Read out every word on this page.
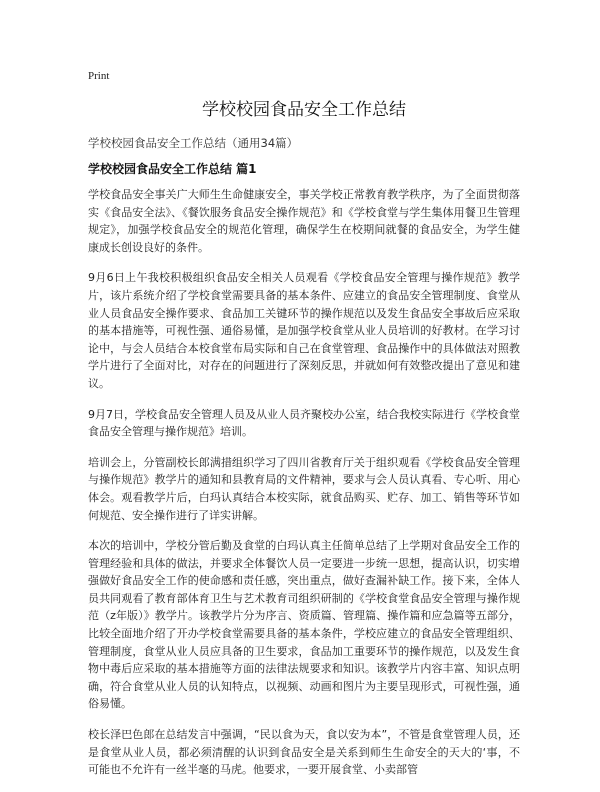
Print
学校校园食品安全工作总结
学校校园食品安全工作总结（通用34篇）
学校校园食品安全工作总结 篇1

学校食品安全事关广大师生生命健康安全，事关学校正常教育教学秩序，为了全面贯彻落实《食品安全法》、《餐饮服务食品安全操作规范》和《学校食堂与学生集体用餐卫生管理规定》，加强学校食品安全的规范化管理，确保学生在校期间就餐的食品安全，为学生健康成长创设良好的条件。

9月6日上午我校积极组织食品安全相关人员观看《学校食品安全管理与操作规范》教学片，该片系统介绍了学校食堂需要具备的基本条件、应建立的食品安全管理制度、食堂从业人员食品安全操作要求、食品加工关键环节的操作规范以及发生食品安全事故后应采取的基本措施等，可视性强、通俗易懂，是加强学校食堂从业人员培训的好教材。在学习讨论中，与会人员结合本校食堂布局实际和自己在食堂管理、食品操作中的具体做法对照教学片进行了全面对比，对存在的问题进行了深刻反思，并就如何有效整改提出了意见和建议。

9月7日，学校食品安全管理人员及从业人员齐聚校办公室，结合我校实际进行《学校食堂食品安全管理与操作规范》培训。

培训会上，分管副校长郎满措组织学习了四川省教育厅关于组织观看《学校食品安全管理与操作规范》教学片的通知和县教育局的文件精神，要求与会人员认真看、专心听、用心体会。观看教学片后，白玛认真结合本校实际，就食品购买、贮存、加工、销售等环节如何规范、安全操作进行了详实讲解。

本次的培训中，学校分管后勤及食堂的白玛认真主任简单总结了上学期对食品安全工作的管理经验和具体的做法，并要求全体餐饮人员一定要进一步统一思想，提高认识，切实增强做好食品安全工作的使命感和责任感，突出重点，做好查漏补缺工作。接下来，全体人员共同观看了教育部体育卫生与艺术教育司组织研制的《学校食堂食品安全管理与操作规范（z年版）》教学片。该教学片分为序言、资质篇、管理篇、操作篇和应急篇等五部分，比较全面地介绍了开办学校食堂需要具备的基本条件，学校应建立的食品安全管理组织、管理制度，食堂从业人员应具备的卫生要求，食品加工重要环节的操作规范，以及发生食物中毒后应采取的基本措施等方面的法律法规要求和知识。该教学片内容丰富、知识点明确，符合食堂从业人员的认知特点，以视频、动画和图片为主要呈现形式，可视性强，通俗易懂。

校长泽巴色郎在总结发言中强调，“民以食为天，食以安为本”，不管是食堂管理人员，还是食堂从业人员，都必须清醒的认识到食品安全是关系到师生生命安全的天大的‘事，不可能也不允许有一丝半毫的马虎。他要求，一要开展食堂、小卖部管
